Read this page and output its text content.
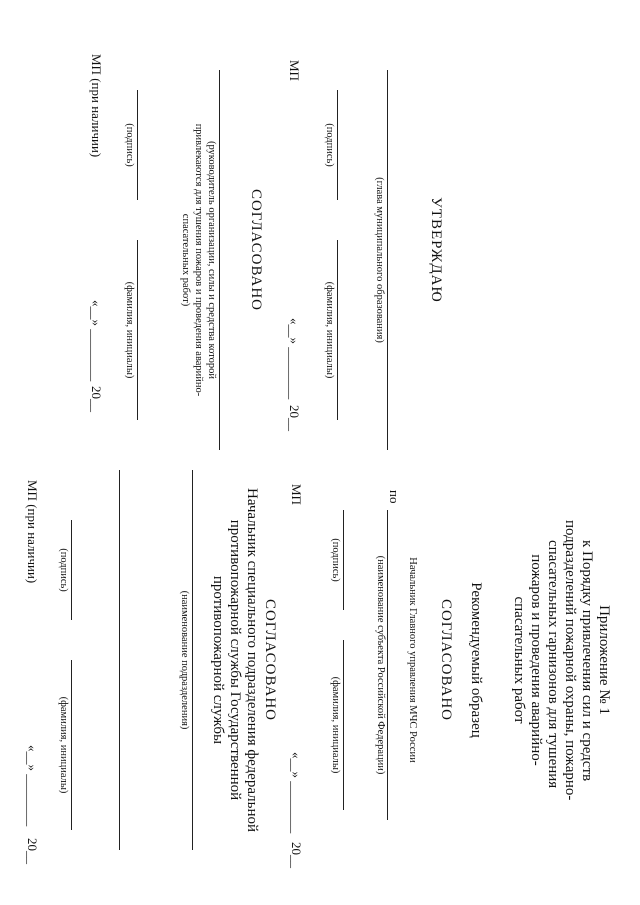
Приложение № 1
к Порядку привлечения сил и средств
подразделений пожарной охраны, пожарно-
спасательных гарнизонов для тушения
пожаров и проведения аварийно-
спасательных работ
Рекомендуемый образец
СОГЛАСОВАНО
Начальник Главного управления МЧС России
по
(наименование субъекта Российской Федерации)
(подпись)
(фамилия, инициалы)
МП
«__» ________
20__
СОГЛАСОВАНО
Начальник специального подразделения федеральной
противопожарной службы Государственной
противопожарной службы
(наименование подразделения)
(подпись)
(фамилия, инициалы)
МП (при наличии)
«__» ________
20__
УТВЕРЖДАЮ
(глава муниципального образования)
(подпись)
(фамилия, инициалы)
МП
«__» ________
20__
СОГЛАСОВАНО
(руководитель организации, силы и средства которой
привлекаются для тушения пожаров и проведения аварийно-
спасательных работ)
(подпись)
(фамилия, инициалы)
МП (при наличии)
«__» ________
20__
